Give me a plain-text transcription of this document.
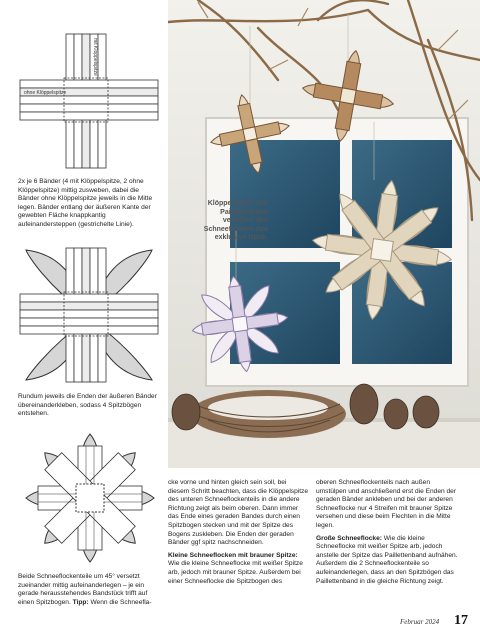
mit Klöppelspitze
ohne Klöppelspitze
2x je 6 Bänder (4 mit Klöppelspitze, 2 ohne Klöppelspitze) mittig zusweben, dabei die Bänder ohne Klöppelspitze jeweils in die Mitte legen. Bänder entlang der äußeren Kante der gewebten Fläche knappkantig aufeinandersteppen (gestrichelte Linie).
Rundum jeweils die Enden der äußeren Bänder übereinanderkleben, sodass 4 Spitzbögen entstehen.
Beide Schneeflockenteile um 45° versetzt zueinander mittig aufeinanderlegen – je ein gerade herausstehendes Bandstück trifft auf einen Spitzbogen. Tipp: Wenn die Schneefla-
Klöppelspitze und Paillettenband verleihen den Schneeflocken ihre exklusive Optik.
cke vorne und hinten gleich sein soll, bei diesem Schritt beachten, dass die Klöppelspitze des unteren Schneeflockenteils in die andere Richtung zeigt als beim oberen. Dann immer das Ende eines geraden Bandes durch einen Spitzbogen stecken und mit der Spitze des Bogens zuskleben. Die Enden der geraden Bänder ggf spitz nachschneiden.
Kleine Schneeflocken mit brauner Spitze: Wie die kleine Schneeflocke mit weißer Spitze arb, jedoch mit brauner Spitze. Außerdem bei einer Schneeflocke die Spitzbogen des
oberen Schneeflockenteils nach außen umstülpen und anschließend erst die Enden der geraden Bänder ankleben und bei der anderen Schneeflocke nur 4 Streifen mit brauner Spitze versehen und diese beim Flechten in die Mitte legen.
Große Schneeflocke: Wie die kleine Schneeflocke mit weißer Spitze arb, jedoch anstelle der Spitze das Paillettenband aufnähen. Außerdem die 2 Schneeflockenteile so aufeinanderlegen, dass an den Spitzbögen das Paillettenband in die gleiche Richtung zeigt.
Februar 2024 17
